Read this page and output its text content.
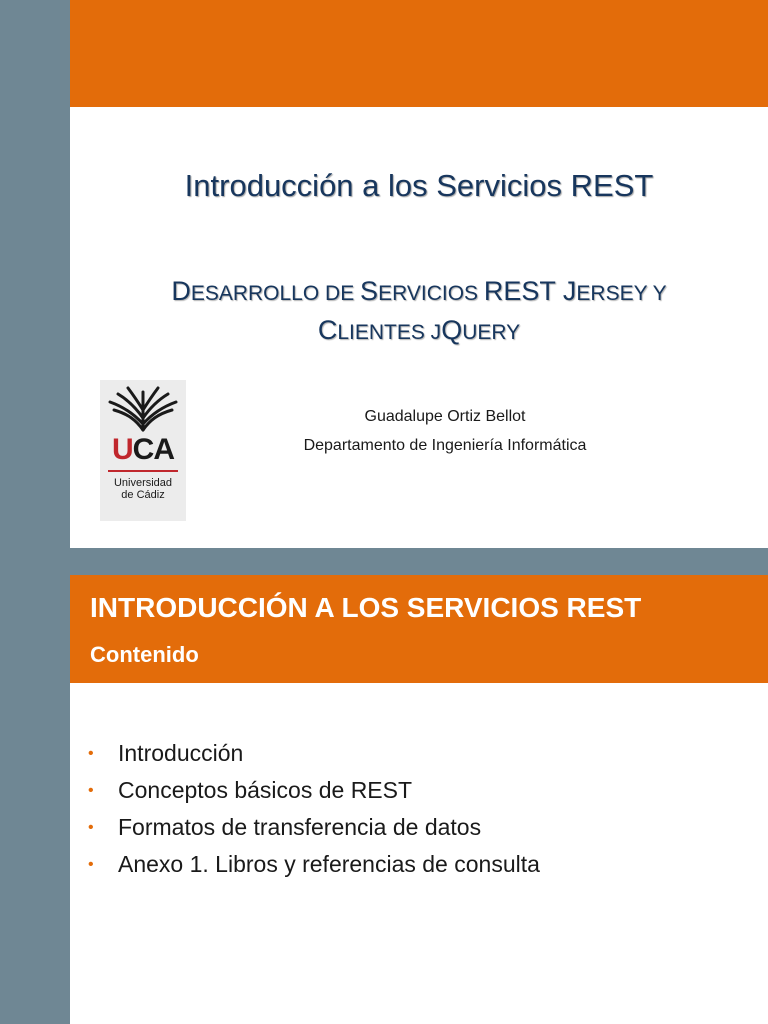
Introducción a los Servicios REST
DESARROLLO DE SERVICIOS REST JERSEY Y
CLIENTES JQUERY
UCA
Universidad
de Cádiz
Guadalupe Ortiz Bellot
Departamento de Ingeniería Informática
INTRODUCCIÓN A LOS SERVICIOS REST
Contenido
• Introducción
• Conceptos básicos de REST
• Formatos de transferencia de datos
• Anexo 1. Libros y referencias de consulta
